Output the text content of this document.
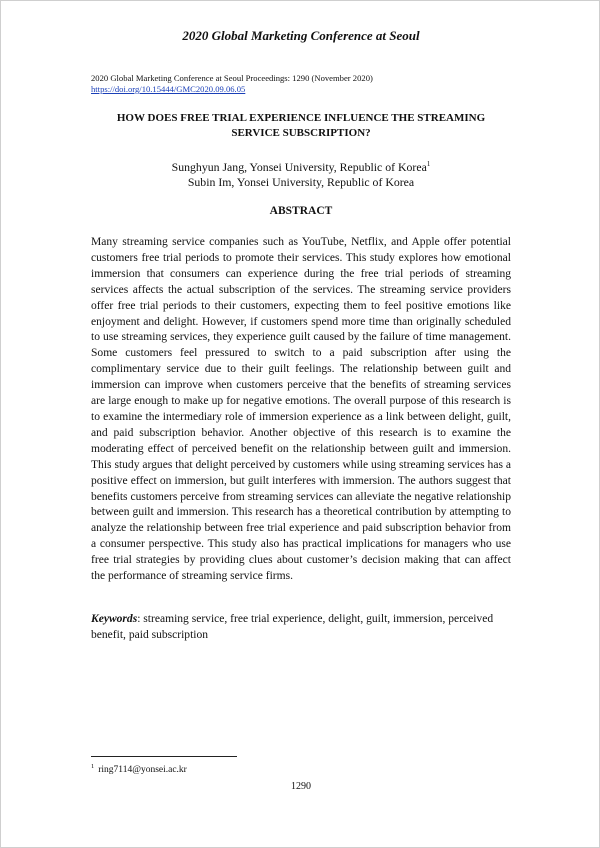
2020 Global Marketing Conference at Seoul
2020 Global Marketing Conference at Seoul Proceedings: 1290 (November 2020)
https://doi.org/10.15444/GMC2020.09.06.05
HOW DOES FREE TRIAL EXPERIENCE INFLUENCE THE STREAMING
SERVICE SUBSCRIPTION?
Sunghyun Jang, Yonsei University, Republic of Korea$^1$
Subin Im, Yonsei University, Republic of Korea
ABSTRACT
Many streaming service companies such as YouTube, Netflix, and Apple offer potential customers free trial periods to promote their services. This study explores how emotional immersion that consumers can experience during the free trial periods of streaming services affects the actual subscription of the services. The streaming service providers offer free trial periods to their customers, expecting them to feel positive emotions like enjoyment and delight. However, if customers spend more time than originally scheduled to use streaming services, they experience guilt caused by the failure of time management. Some customers feel pressured to switch to a paid subscription after using the complimentary service due to their guilt feelings. The relationship between guilt and immersion can improve when customers perceive that the benefits of streaming services are large enough to make up for negative emotions. The overall purpose of this research is to examine the intermediary role of immersion experience as a link between delight, guilt, and paid subscription behavior. Another objective of this research is to examine the moderating effect of perceived benefit on the relationship between guilt and immersion. This study argues that delight perceived by customers while using streaming services has a positive effect on immersion, but guilt interferes with immersion. The authors suggest that benefits customers perceive from streaming services can alleviate the negative relationship between guilt and immersion. This research has a theoretical contribution by attempting to analyze the relationship between free trial experience and paid subscription behavior from a consumer perspective. This study also has practical implications for managers who use free trial strategies by providing clues about customer’s decision making that can affect the performance of streaming service firms.
Keywords: streaming service, free trial experience, delight, guilt, immersion, perceived benefit, paid subscription
$^1$ ring7114@yonsei.ac.kr
1290
